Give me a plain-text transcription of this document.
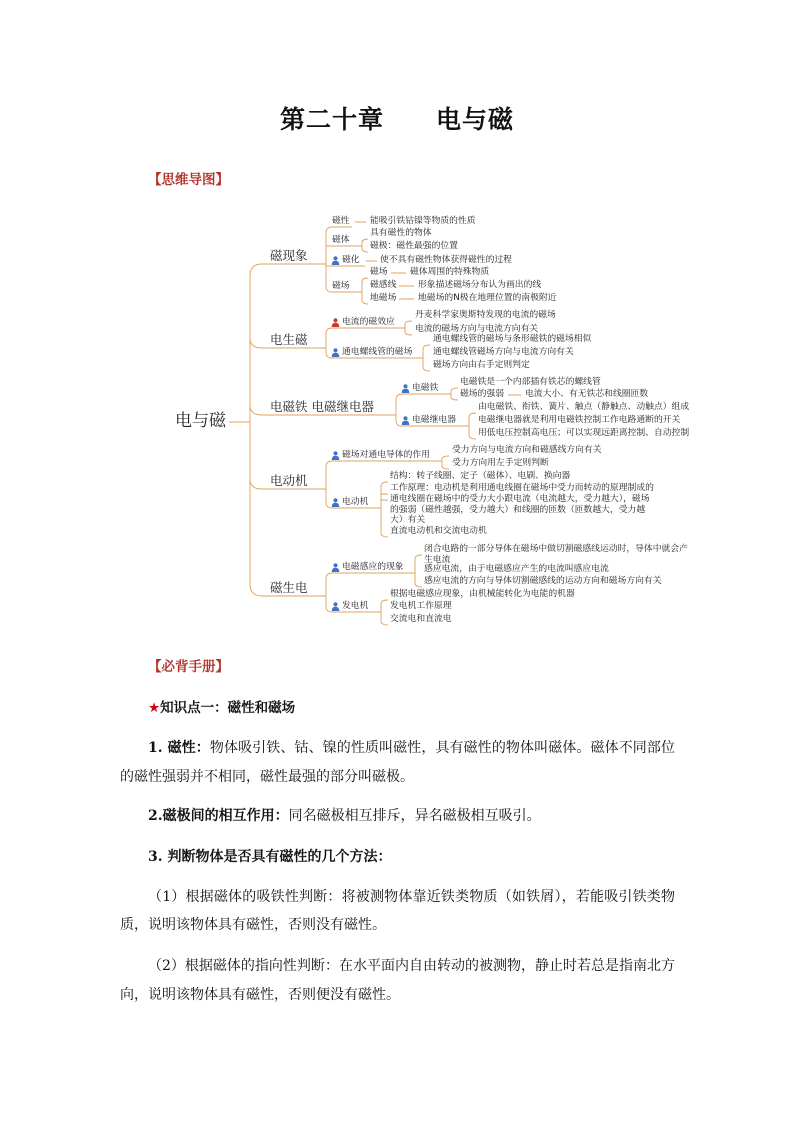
第二十章　　电与磁
【思维导图】
电与磁
磁现象
电生磁
电磁铁 电磁继电器
电动机
磁生电
磁性 能吸引铁钴镍等物质的性质
磁体
具有磁性的物体
磁极：磁性最强的位置
磁化 使不具有磁性物体获得磁性的过程
磁场
磁场	磁体周围的特殊物质
磁感线 形象描述磁场分布认为画出的线
地磁场 地磁场的N极在地理位置的南极附近
电流的磁效应
丹麦科学家奥斯特发现的电流的磁场
电流的磁场方向与电流方向有关
通电螺线管的磁场
通电螺线管的磁场与条形磁铁的磁场相似
通电螺线管磁场方向与电流方向有关
磁场方向由右手定则判定
电磁铁
电磁铁是一个内部插有铁芯的螺线管
磁场的强弱 电流大小、有无铁芯和线圈匝数
电磁继电器
由电磁铁、衔铁、簧片、触点（静触点、动触点）组成
电磁继电器就是利用电磁铁控制工作电路通断的开关
用低电压控制高电压；可以实现远距离控制、自动控制
磁场对通电导体的作用	受力方向与电流方向和磁感线方向有关
受力方向用左手定则判断
电动机
结构：转子线圈、定子（磁体）、电刷、换向器
工作原理：电动机是利用通电线圈在磁场中受力而转动的原理制成的
通电线圈在磁场中的受力大小跟电流（电流越大，受力越大），磁场的强弱（磁性越强，受力越大）和线圈的匝数（匝数越大，受力越大）有关
直流电动机和交流电动机
电磁感应的现象
闭合电路的一部分导体在磁场中做切割磁感线运动时，导体中就会产生电流
感应电流，由于电磁感应产生的电流叫感应电流
感应电流的方向与导体切割磁感线的运动方向和磁场方向有关
发电机
根据电磁感应现象，由机械能转化为电能的机器
发电机工作原理
交流电和直流电
【必背手册】
★知识点一：磁性和磁场
1. 磁性：物体吸引铁、钴、镍的性质叫磁性，具有磁性的物体叫磁体。磁体不同部位
的磁性强弱并不相同，磁性最强的部分叫磁极。
2.磁极间的相互作用：同名磁极相互排斥，异名磁极相互吸引。
3. 判断物体是否具有磁性的几个方法：
（1）根据磁体的吸铁性判断：将被测物体靠近铁类物质（如铁屑），若能吸引铁类物
质，说明该物体具有磁性，否则没有磁性。
（2）根据磁体的指向性判断：在水平面内自由转动的被测物，静止时若总是指南北方
向，说明该物体具有磁性，否则便没有磁性。
